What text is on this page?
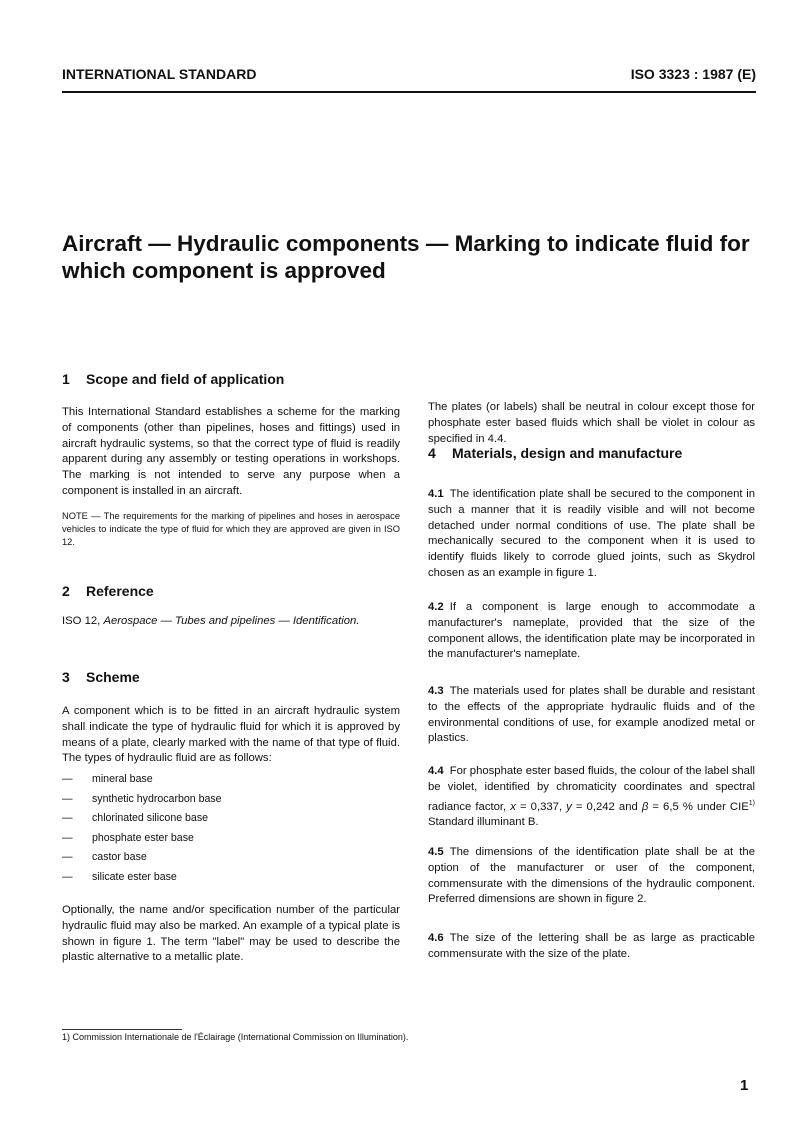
INTERNATIONAL STANDARD	ISO 3323 : 1987 (E)
Aircraft — Hydraulic components — Marking to indicate fluid for which component is approved
1 Scope and field of application
This International Standard establishes a scheme for the marking of components (other than pipelines, hoses and fittings) used in aircraft hydraulic systems, so that the correct type of fluid is readily apparent during any assembly or testing operations in workshops. The marking is not intended to serve any purpose when a component is installed in an aircraft.
NOTE — The requirements for the marking of pipelines and hoses in aerospace vehicles to indicate the type of fluid for which they are approved are given in ISO 12.
2 Reference
ISO 12, Aerospace — Tubes and pipelines — Identification.
3 Scheme
A component which is to be fitted in an aircraft hydraulic system shall indicate the type of hydraulic fluid for which it is approved by means of a plate, clearly marked with the name of that type of fluid. The types of hydraulic fluid are as follows:
— mineral base
— synthetic hydrocarbon base
— chlorinated silicone base
— phosphate ester base
— castor base
— silicate ester base
Optionally, the name and/or specification number of the particular hydraulic fluid may also be marked. An example of a typical plate is shown in figure 1. The term "label" may be used to describe the plastic alternative to a metallic plate.
The plates (or labels) shall be neutral in colour except those for phosphate ester based fluids which shall be violet in colour as specified in 4.4.
4 Materials, design and manufacture
4.1 The identification plate shall be secured to the component in such a manner that it is readily visible and will not become detached under normal conditions of use. The plate shall be mechanically secured to the component when it is used to identify fluids likely to corrode glued joints, such as Skydrol chosen as an example in figure 1.
4.2 If a component is large enough to accommodate a manufacturer's nameplate, provided that the size of the component allows, the identification plate may be incorporated in the manufacturer's nameplate.
4.3 The materials used for plates shall be durable and resistant to the effects of the appropriate hydraulic fluids and of the environmental conditions of use, for example anodized metal or plastics.
4.4 For phosphate ester based fluids, the colour of the label shall be violet, identified by chromaticity coordinates and spectral radiance factor, x = 0,337, y = 0,242 and β = 6,5 % under CIE$^{1)}$ Standard illuminant B.
4.5 The dimensions of the identification plate shall be at the option of the manufacturer or user of the component, commensurate with the dimensions of the hydraulic component. Preferred dimensions are shown in figure 2.
4.6 The size of the lettering shall be as large as practicable commensurate with the size of the plate.
1) Commission Internationale de l'Éclairage (International Commission on Illumination).
1
